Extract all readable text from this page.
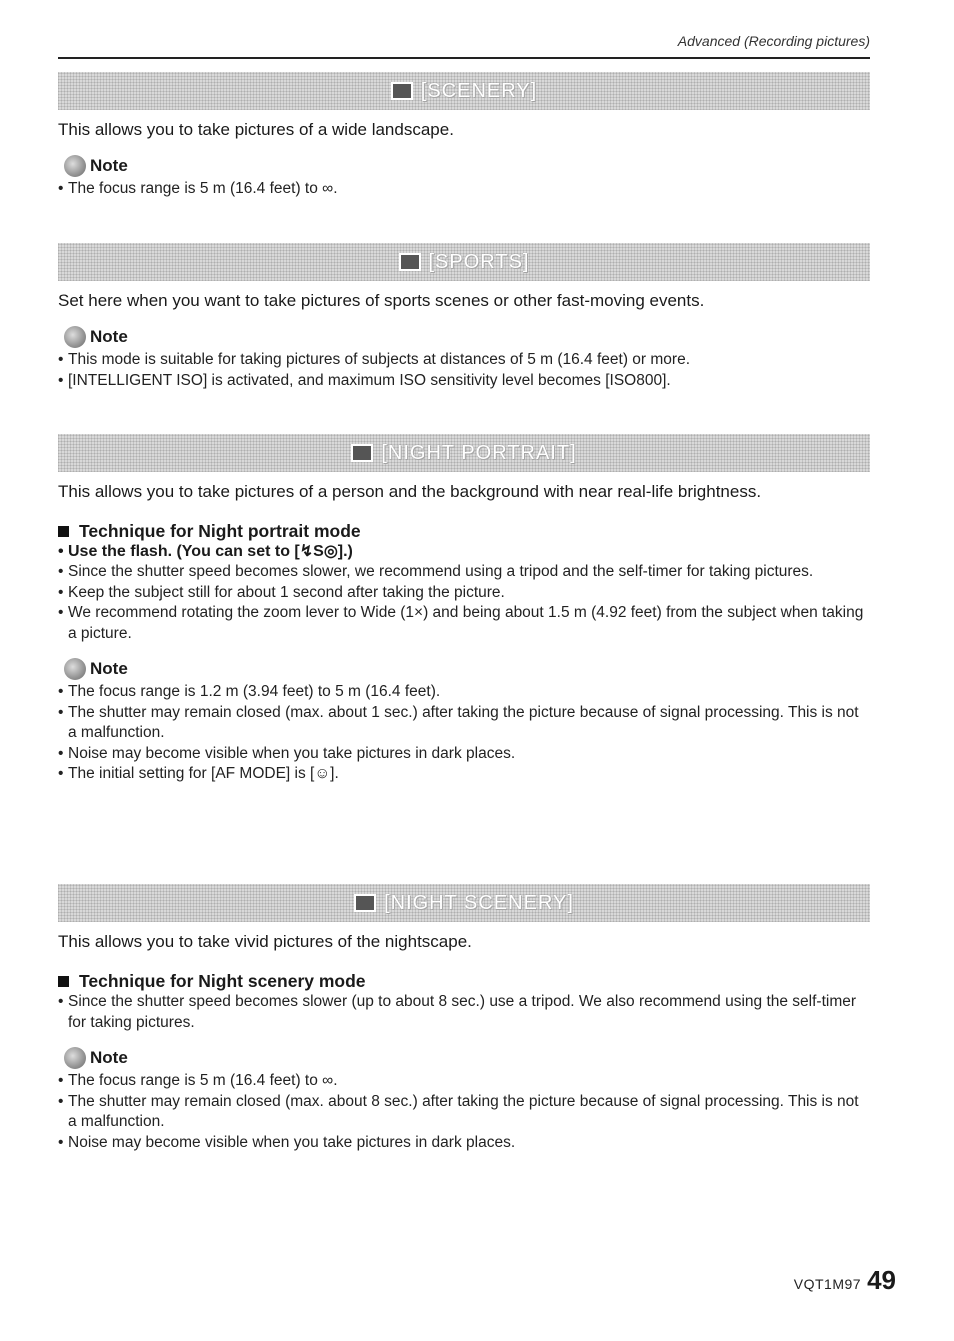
Advanced (Recording pictures)
[SCENERY]
This allows you to take pictures of a wide landscape.
Note
• The focus range is 5 m (16.4 feet) to ∞.
[SPORTS]
Set here when you want to take pictures of sports scenes or other fast-moving events.
Note
• This mode is suitable for taking pictures of subjects at distances of 5 m (16.4 feet) or more.
• [INTELLIGENT ISO] is activated, and maximum ISO sensitivity level becomes [ISO800].
[NIGHT PORTRAIT]
This allows you to take pictures of a person and the background with near real-life brightness.
Technique for Night portrait mode
• Use the flash. (You can set to [↯S◎].)
• Since the shutter speed becomes slower, we recommend using a tripod and the self-timer for taking pictures.
• Keep the subject still for about 1 second after taking the picture.
• We recommend rotating the zoom lever to Wide (1×) and being about 1.5 m (4.92 feet) from the subject when taking a picture.
Note
• The focus range is 1.2 m (3.94 feet) to 5 m (16.4 feet).
• The shutter may remain closed (max. about 1 sec.) after taking the picture because of signal processing. This is not a malfunction.
• Noise may become visible when you take pictures in dark places.
• The initial setting for [AF MODE] is [☺].
[NIGHT SCENERY]
This allows you to take vivid pictures of the nightscape.
Technique for Night scenery mode
• Since the shutter speed becomes slower (up to about 8 sec.) use a tripod. We also recommend using the self-timer for taking pictures.
Note
• The focus range is 5 m (16.4 feet) to ∞.
• The shutter may remain closed (max. about 8 sec.) after taking the picture because of signal processing. This is not a malfunction.
• Noise may become visible when you take pictures in dark places.
VQT1M97 49
